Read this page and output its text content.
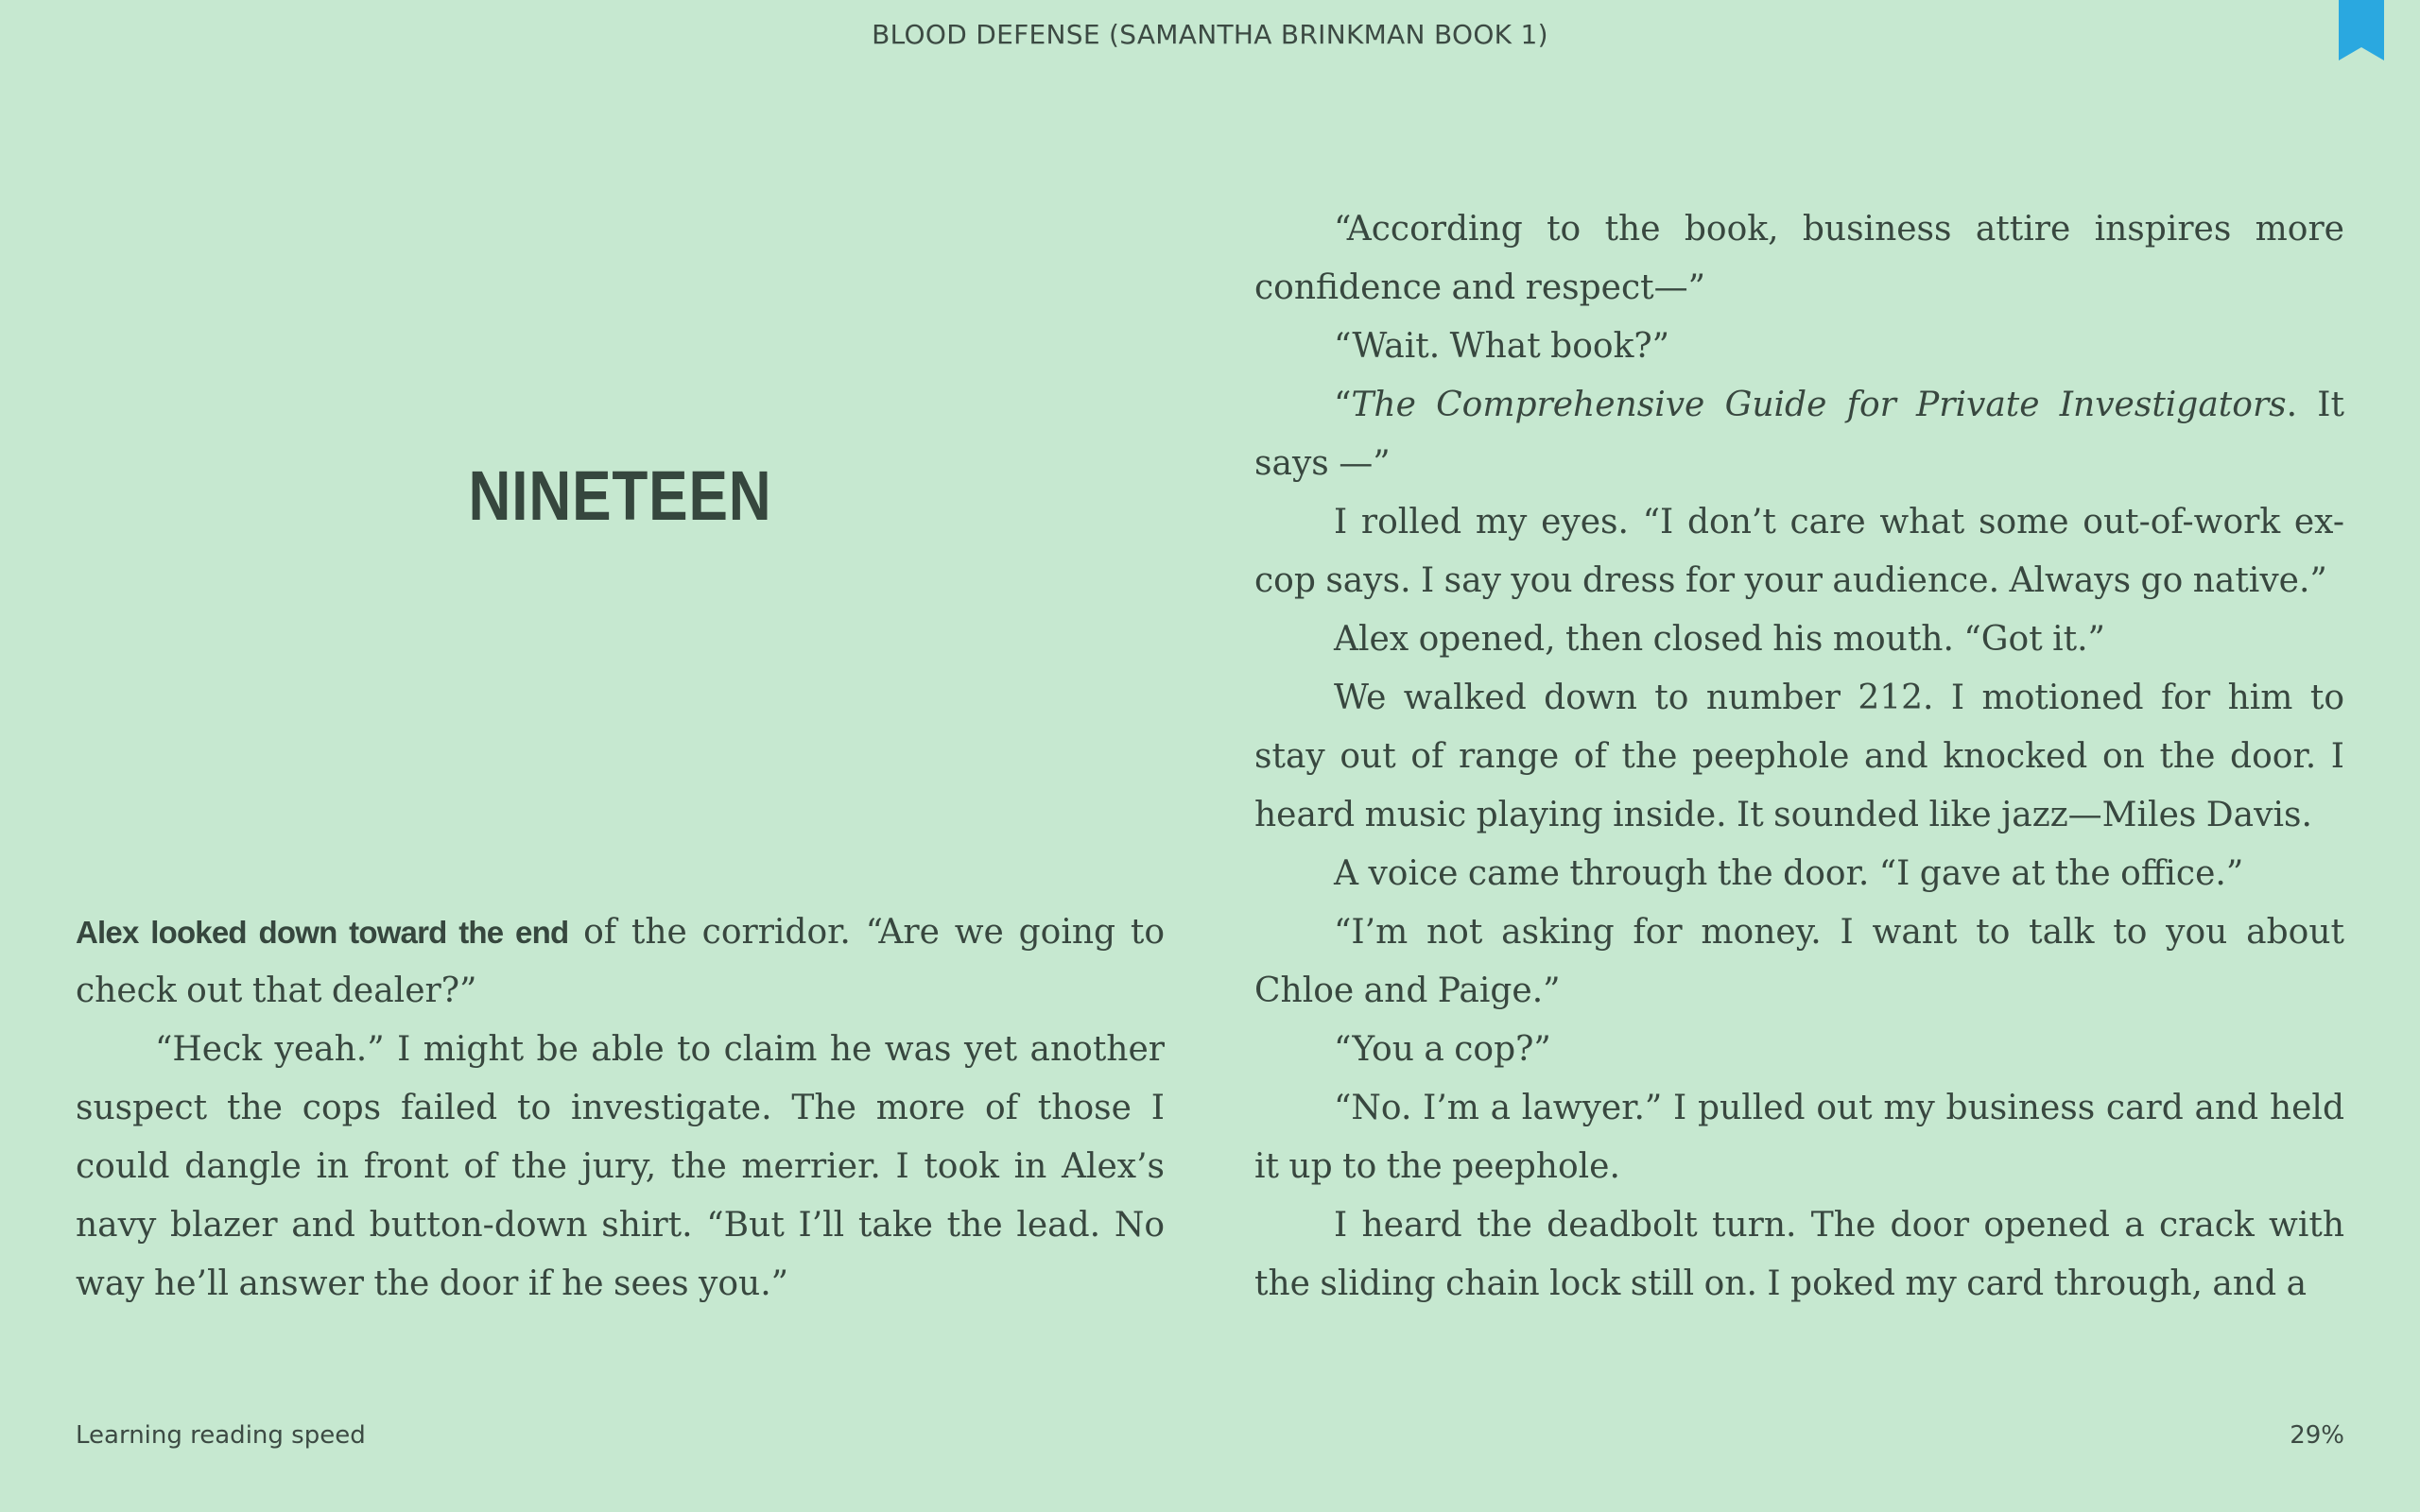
BLOOD DEFENSE (SAMANTHA BRINKMAN BOOK 1)
NINETEEN

Alex looked down toward the end of the corridor. “Are we going to check out that dealer?”

“Heck yeah.” I might be able to claim he was yet another suspect the cops failed to investigate. The more of those I could dangle in front of the jury, the merrier. I took in Alex’s navy blazer and button-down shirt. “But I’ll take the lead. No way he’ll answer the door if he sees you.”

“According to the book, business attire inspires more confidence and respect—”

“Wait. What book?”

“The Comprehensive Guide for Private Investigators. It says —”

I rolled my eyes. “I don’t care what some out-of-work ex-cop says. I say you dress for your audience. Always go native.”

Alex opened, then closed his mouth. “Got it.”

We walked down to number 212. I motioned for him to stay out of range of the peephole and knocked on the door. I heard music playing inside. It sounded like jazz—Miles Davis.

A voice came through the door. “I gave at the office.”

“I’m not asking for money. I want to talk to you about Chloe and Paige.”

“You a cop?”

“No. I’m a lawyer.” I pulled out my business card and held it up to the peephole.

I heard the deadbolt turn. The door opened a crack with the sliding chain lock still on. I poked my card through, and a

Learning reading speed	29%
